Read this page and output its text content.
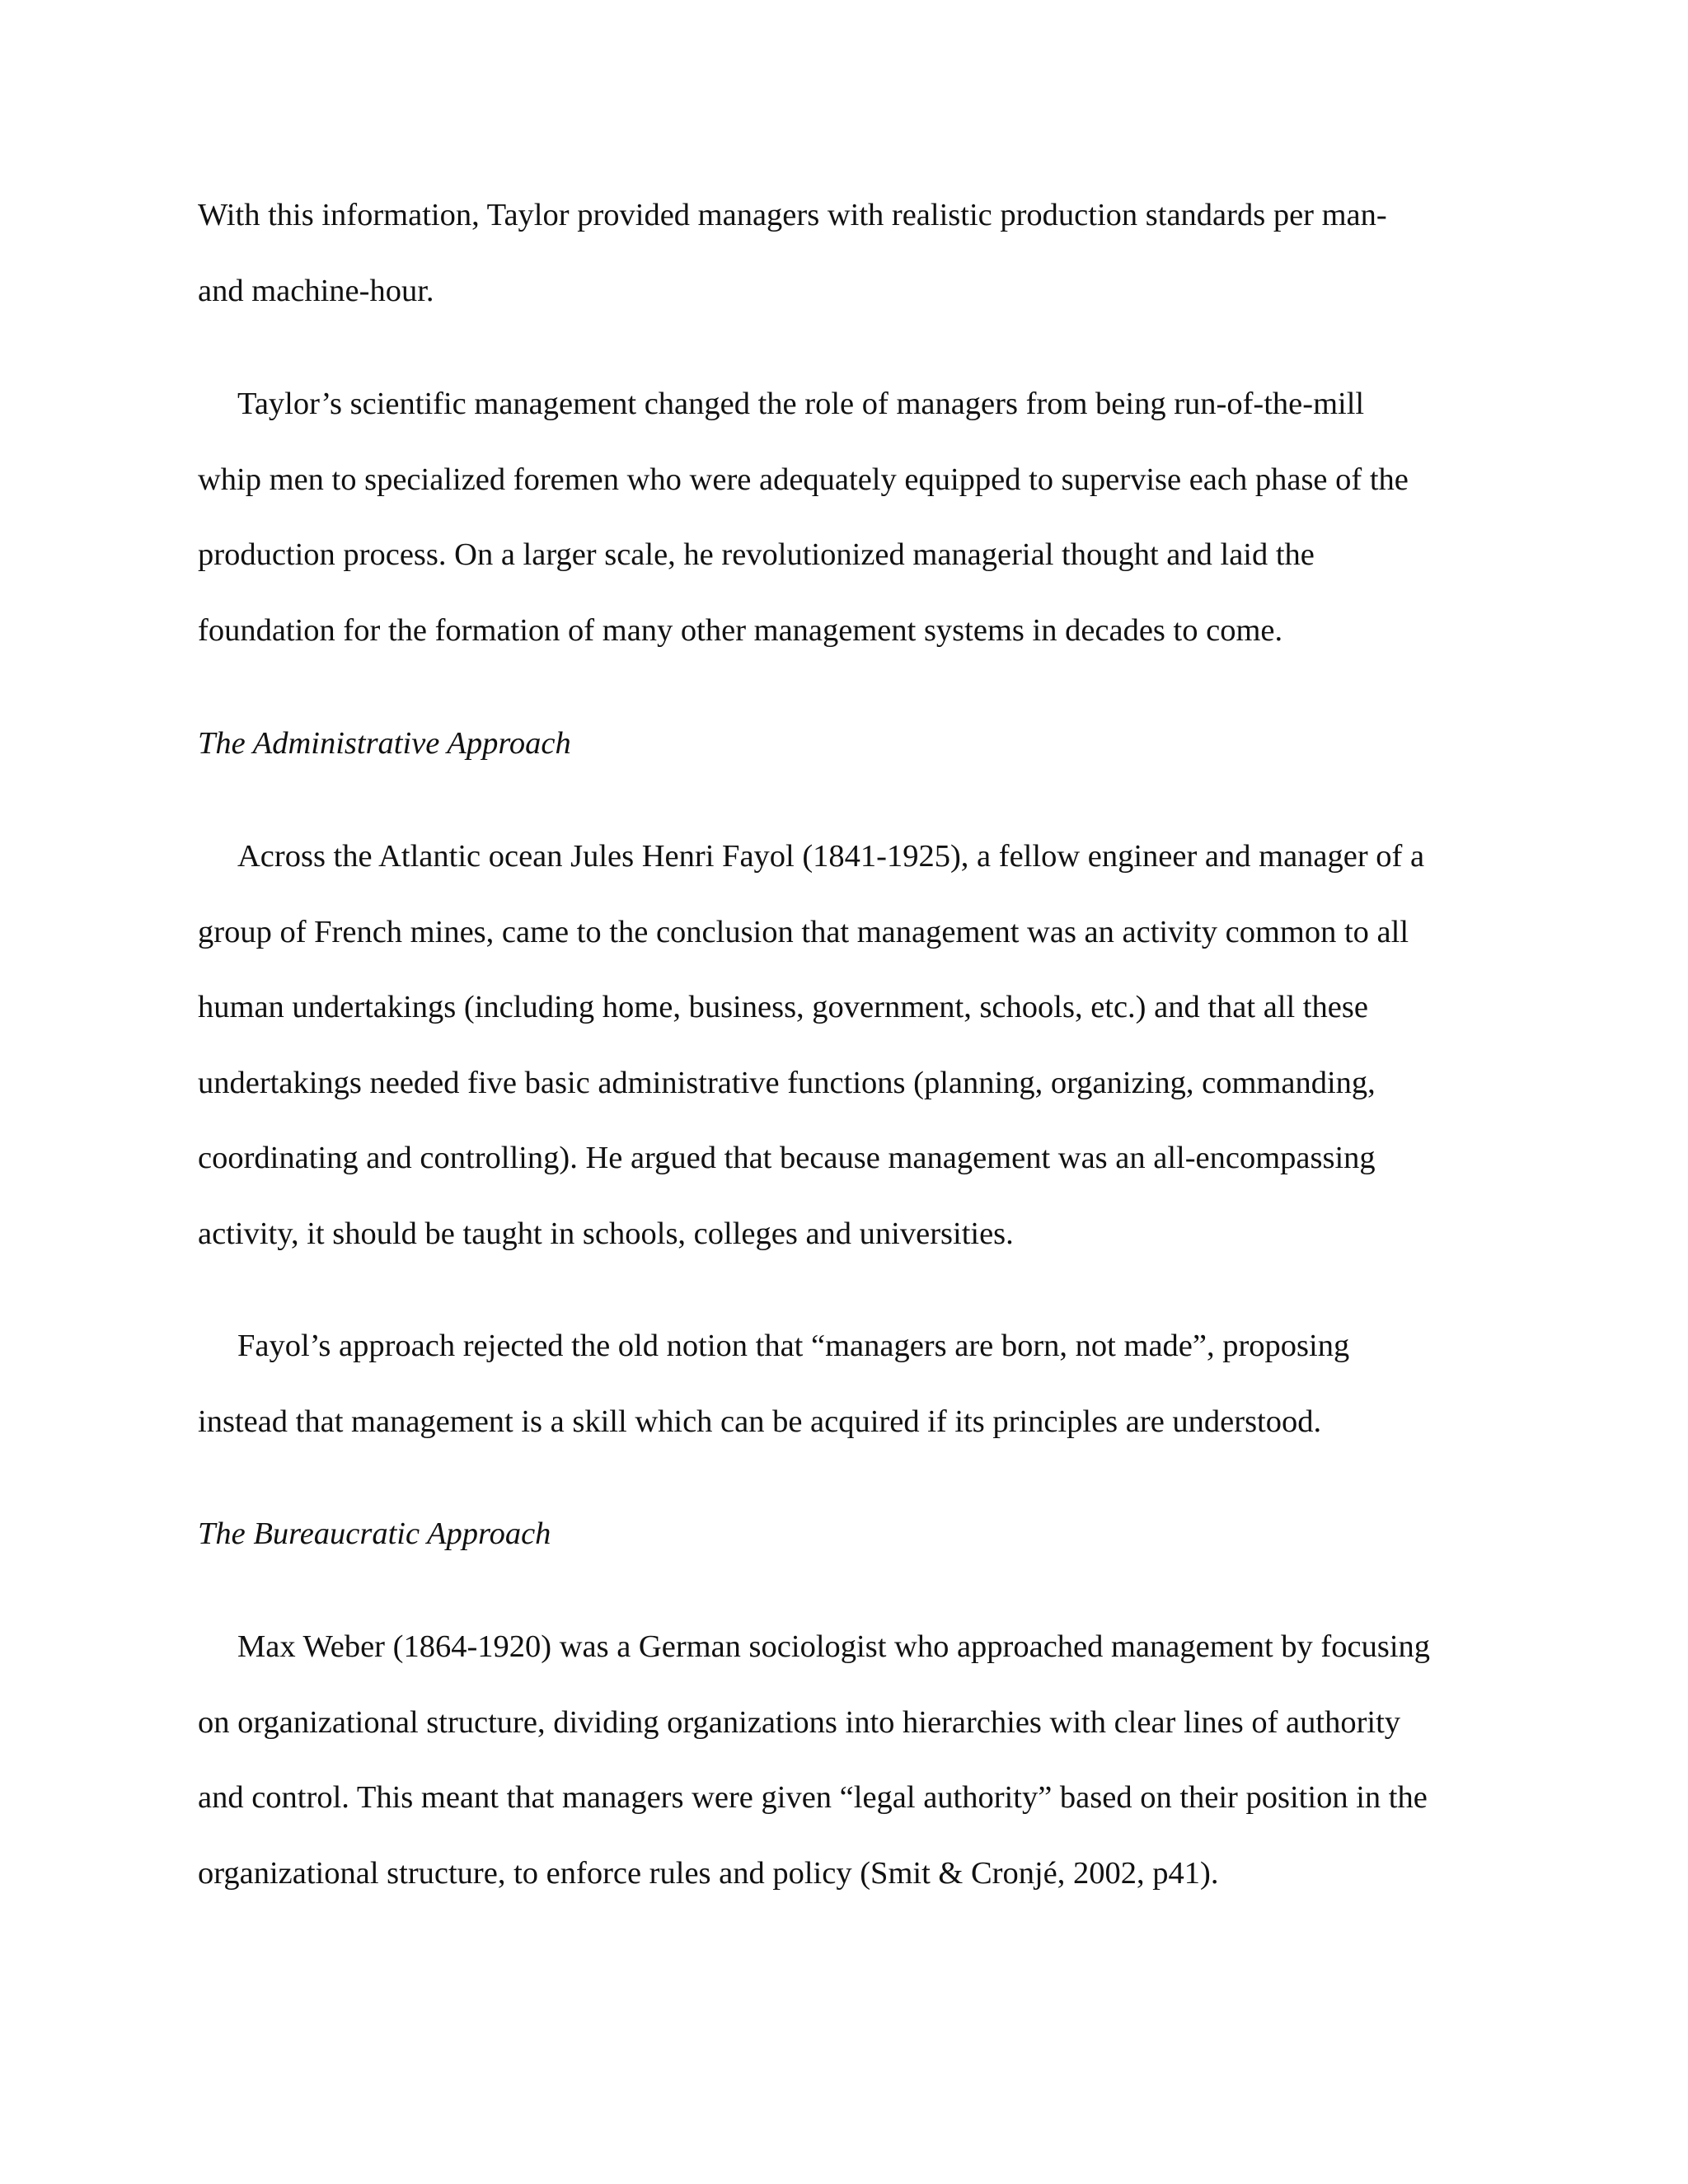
With this information, Taylor provided managers with realistic production standards per man-
and machine-hour.
Taylor’s scientific management changed the role of managers from being run-of-the-mill
whip men to specialized foremen who were adequately equipped to supervise each phase of the
production process. On a larger scale, he revolutionized managerial thought and laid the
foundation for the formation of many other management systems in decades to come.
The Administrative Approach
Across the Atlantic ocean Jules Henri Fayol (1841-1925), a fellow engineer and manager of a
group of French mines, came to the conclusion that management was an activity common to all
human undertakings (including home, business, government, schools, etc.) and that all these
undertakings needed five basic administrative functions (planning, organizing, commanding,
coordinating and controlling). He argued that because management was an all-encompassing
activity, it should be taught in schools, colleges and universities.
Fayol’s approach rejected the old notion that “managers are born, not made”, proposing
instead that management is a skill which can be acquired if its principles are understood.
The Bureaucratic Approach
Max Weber (1864-1920) was a German sociologist who approached management by focusing
on organizational structure, dividing organizations into hierarchies with clear lines of authority
and control. This meant that managers were given “legal authority” based on their position in the
organizational structure, to enforce rules and policy (Smit & Cronjé, 2002, p41).
